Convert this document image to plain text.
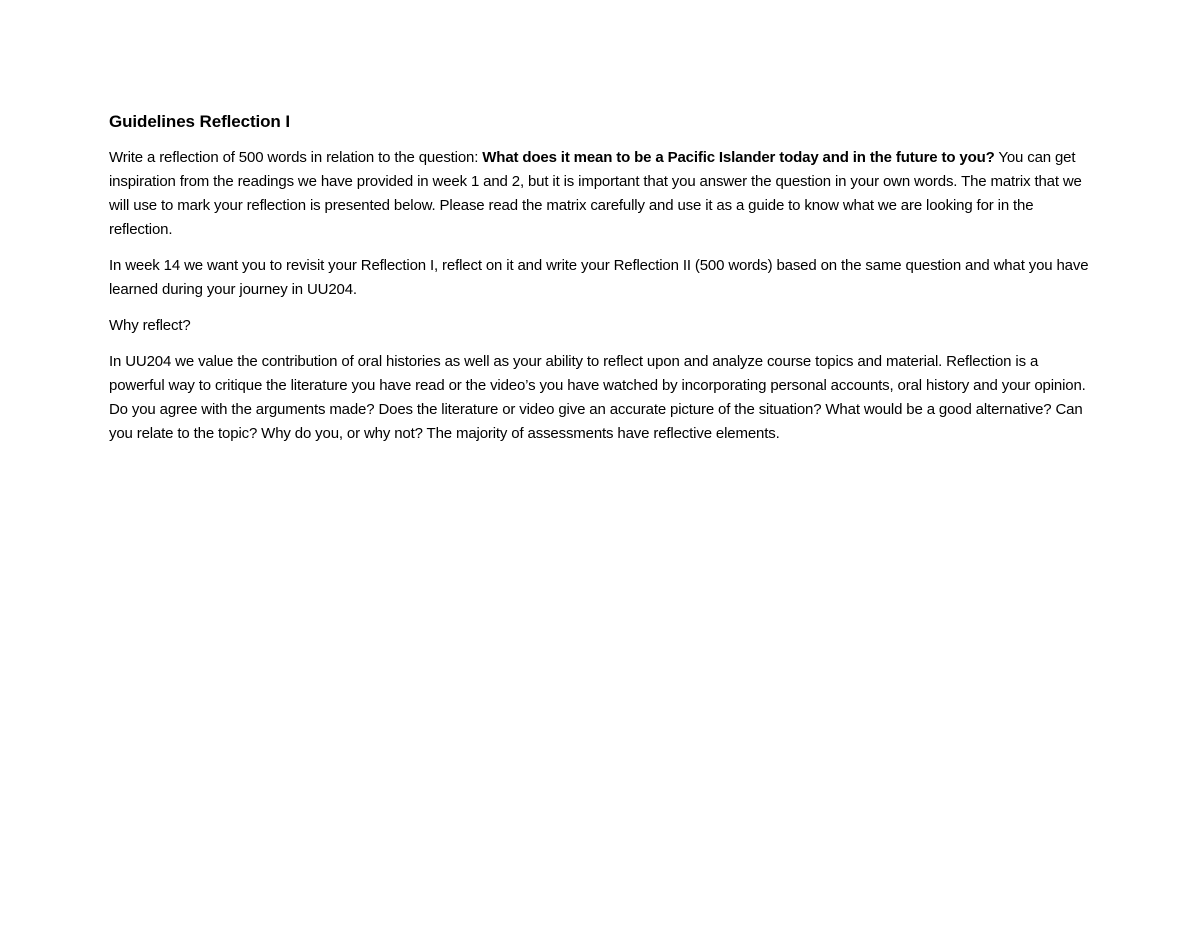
Guidelines Reflection I

Write a reflection of 500 words in relation to the question: What does it mean to be a Pacific Islander today and in the future to you? You can get inspiration from the readings we have provided in week 1 and 2, but it is important that you answer the question in your own words. The matrix that we will use to mark your reflection is presented below. Please read the matrix carefully and use it as a guide to know what we are looking for in the reflection.

In week 14 we want you to revisit your Reflection I, reflect on it and write your Reflection II (500 words) based on the same question and what you have learned during your journey in UU204.

Why reflect?

In UU204 we value the contribution of oral histories as well as your ability to reflect upon and analyze course topics and material. Reflection is a powerful way to critique the literature you have read or the video’s you have watched by incorporating personal accounts, oral history and your opinion. Do you agree with the arguments made? Does the literature or video give an accurate picture of the situation? What would be a good alternative? Can you relate to the topic? Why do you, or why not? The majority of assessments have reflective elements.
